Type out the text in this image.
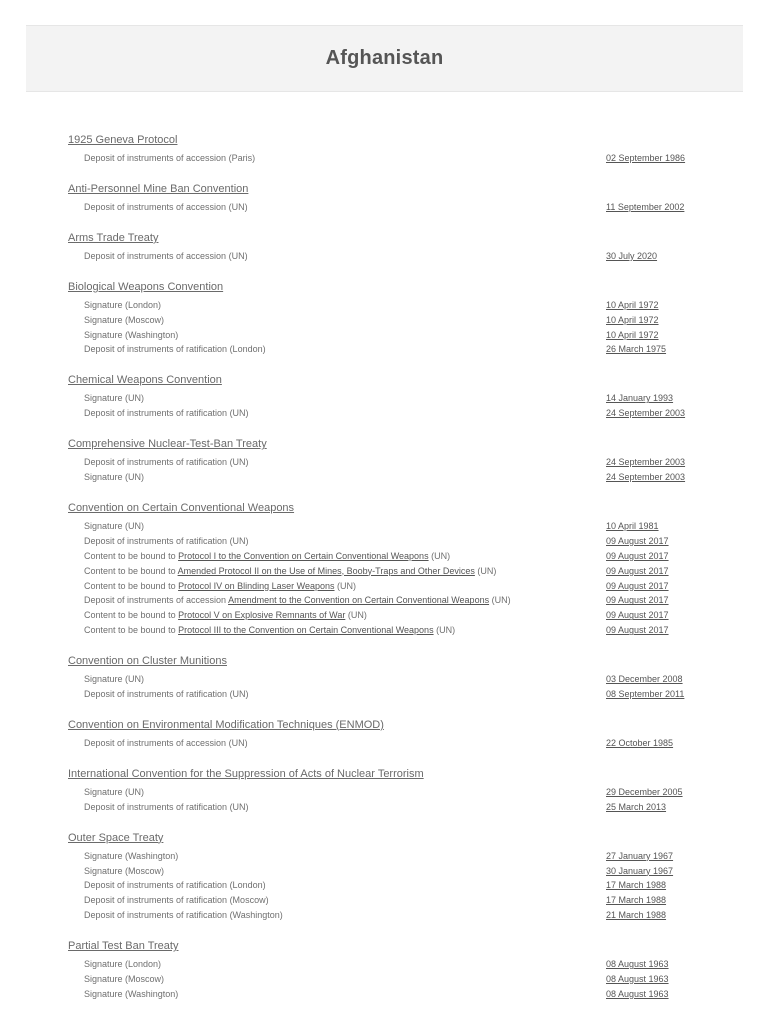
Afghanistan
1925 Geneva Protocol
Deposit of instruments of accession (Paris)	02 September 1986
Anti-Personnel Mine Ban Convention
Deposit of instruments of accession (UN)	11 September 2002
Arms Trade Treaty
Deposit of instruments of accession (UN)	30 July 2020
Biological Weapons Convention
Signature (London)	10 April 1972
Signature (Moscow)	10 April 1972
Signature (Washington)	10 April 1972
Deposit of instruments of ratification (London)	26 March 1975
Chemical Weapons Convention
Signature (UN)	14 January 1993
Deposit of instruments of ratification (UN)	24 September 2003
Comprehensive Nuclear-Test-Ban Treaty
Deposit of instruments of ratification (UN)	24 September 2003
Signature (UN)	24 September 2003
Convention on Certain Conventional Weapons
Signature (UN)	10 April 1981
Deposit of instruments of ratification (UN)	09 August 2017
Content to be bound to Protocol I to the Convention on Certain Conventional Weapons (UN)	09 August 2017
Content to be bound to Amended Protocol II on the Use of Mines, Booby-Traps and Other Devices (UN)	09 August 2017
Content to be bound to Protocol IV on Blinding Laser Weapons (UN)	09 August 2017
Deposit of instruments of accession Amendment to the Convention on Certain Conventional Weapons (UN)	09 August 2017
Content to be bound to Protocol V on Explosive Remnants of War (UN)	09 August 2017
Content to be bound to Protocol III to the Convention on Certain Conventional Weapons (UN)	09 August 2017
Convention on Cluster Munitions
Signature (UN)	03 December 2008
Deposit of instruments of ratification (UN)	08 September 2011
Convention on Environmental Modification Techniques (ENMOD)
Deposit of instruments of accession (UN)	22 October 1985
International Convention for the Suppression of Acts of Nuclear Terrorism
Signature (UN)	29 December 2005
Deposit of instruments of ratification (UN)	25 March 2013
Outer Space Treaty
Signature (Washington)	27 January 1967
Signature (Moscow)	30 January 1967
Deposit of instruments of ratification (London)	17 March 1988
Deposit of instruments of ratification (Moscow)	17 March 1988
Deposit of instruments of ratification (Washington)	21 March 1988
Partial Test Ban Treaty
Signature (London)	08 August 1963
Signature (Moscow)	08 August 1963
Signature (Washington)	08 August 1963
